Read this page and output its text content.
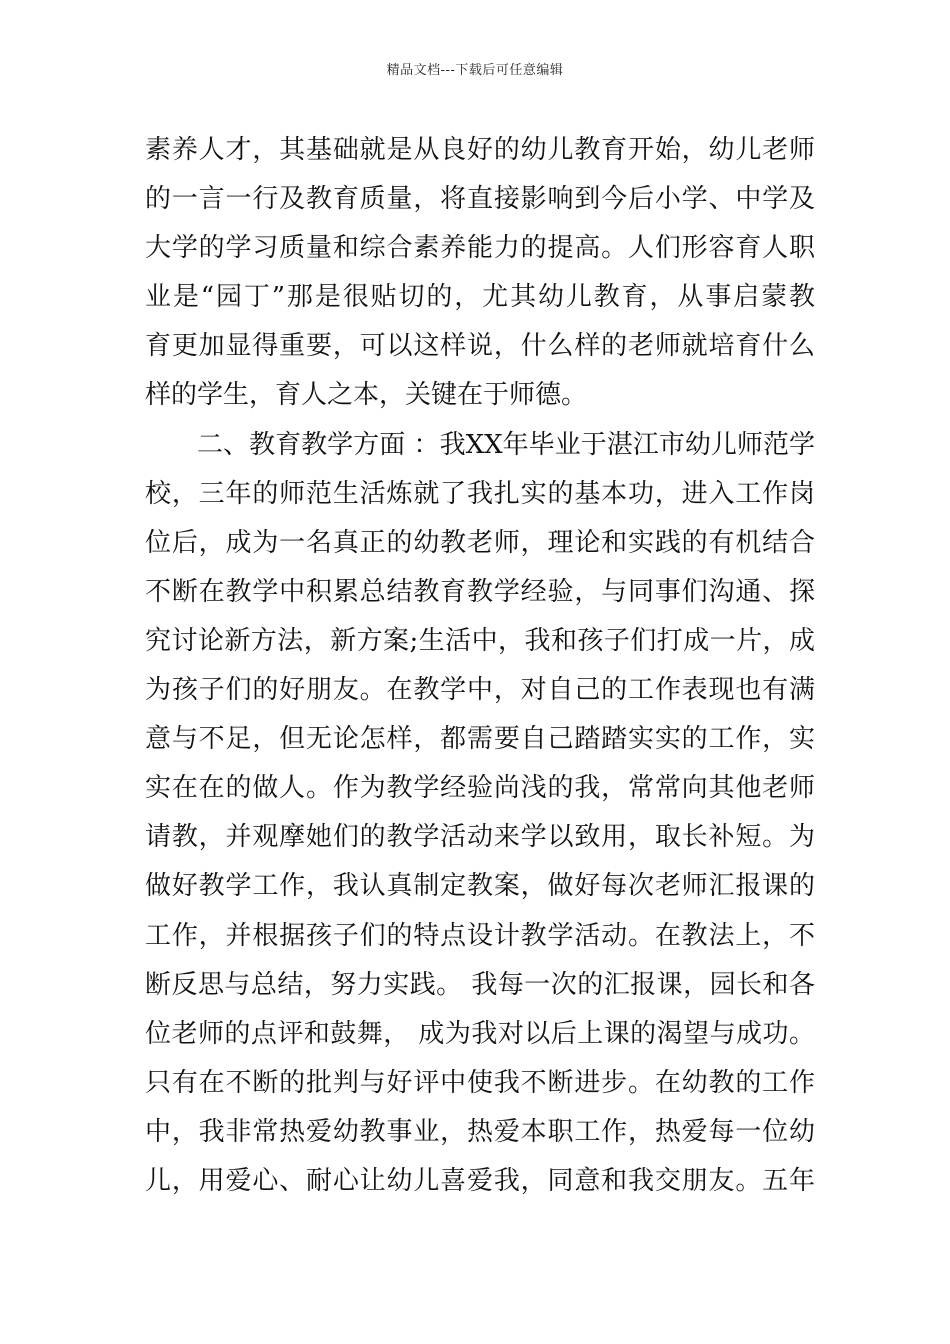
精品文档---下载后可任意编辑
素养人才，其基础就是从良好的幼儿教育开始，幼儿老师
的一言一行及教育质量，将直接影响到今后小学、中学及
大学的学习质量和综合素养能力的提高。人们形容育人职
业是“园丁”那是很贴切的，尤其幼儿教育，从事启蒙教
育更加显得重要，可以这样说，什么样的老师就培育什么
样的学生，育人之本，关键在于师德。
二、教育教学方面 ：我XX年毕业于湛江市幼儿师范学
校，三年的师范生活炼就了我扎实的基本功，进入工作岗
位后，成为一名真正的幼教老师，理论和实践的有机结合
不断在教学中积累总结教育教学经验，与同事们沟通、探
究讨论新方法，新方案;生活中，我和孩子们打成一片，成
为孩子们的好朋友。在教学中，对自己的工作表现也有满
意与不足，但无论怎样，都需要自己踏踏实实的工作，实
实在在的做人。作为教学经验尚浅的我，常常向其他老师
请教，并观摩她们的教学活动来学以致用，取长补短。为
做好教学工作，我认真制定教案，做好每次老师汇报课的
工作，并根据孩子们的特点设计教学活动。在教法上，不
断反思与总结，努力实践。 我每一次的汇报课，园长和各
位老师的点评和鼓舞， 成为我对以后上课的渴望与成功。
只有在不断的批判与好评中使我不断进步。在幼教的工作
中，我非常热爱幼教事业，热爱本职工作，热爱每一位幼
儿，用爱心、耐心让幼儿喜爱我，同意和我交朋友。五年
